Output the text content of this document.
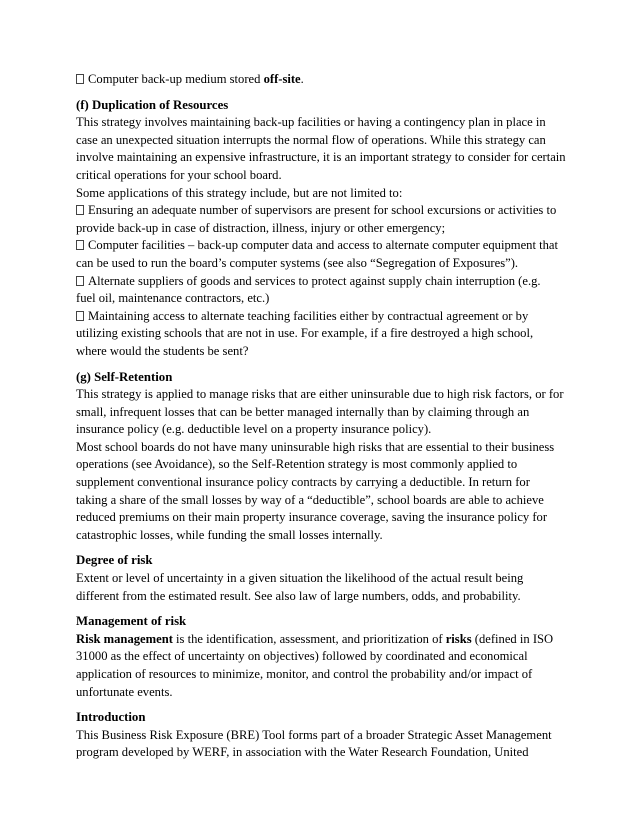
Computer back-up medium stored off-site.

(f) Duplication of Resources

This strategy involves maintaining back-up facilities or having a contingency plan in place in

case an unexpected situation interrupts the normal flow of operations. While this strategy can

involve maintaining an expensive infrastructure, it is an important strategy to consider for certain

critical operations for your school board.

Some applications of this strategy include, but are not limited to:

Ensuring an adequate number of supervisors are present for school excursions or activities to

provide back-up in case of distraction, illness, injury or other emergency;

Computer facilities – back-up computer data and access to alternate computer equipment that

can be used to run the board’s computer systems (see also “Segregation of Exposures”).

Alternate suppliers of goods and services to protect against supply chain interruption (e.g.

fuel oil, maintenance contractors, etc.)

Maintaining access to alternate teaching facilities either by contractual agreement or by

utilizing existing schools that are not in use. For example, if a fire destroyed a high school,

where would the students be sent?

(g) Self-Retention

This strategy is applied to manage risks that are either uninsurable due to high risk factors, or for

small, infrequent losses that can be better managed internally than by claiming through an

insurance policy (e.g. deductible level on a property insurance policy).

Most school boards do not have many uninsurable high risks that are essential to their business

operations (see Avoidance), so the Self-Retention strategy is most commonly applied to

supplement conventional insurance policy contracts by carrying a deductible. In return for

taking a share of the small losses by way of a “deductible”, school boards are able to achieve

reduced premiums on their main property insurance coverage, saving the insurance policy for

catastrophic losses, while funding the small losses internally.

Degree of risk

Extent or level of uncertainty in a given situation the likelihood of the actual result being

different from the estimated result. See also law of large numbers, odds, and probability.

Management of risk

Risk management is the identification, assessment, and prioritization of risks (defined in ISO

31000 as the effect of uncertainty on objectives) followed by coordinated and economical

application of resources to minimize, monitor, and control the probability and/or impact of

unfortunate events.

Introduction

This Business Risk Exposure (BRE) Tool forms part of a broader Strategic Asset Management

program developed by WERF, in association with the Water Research Foundation, United
